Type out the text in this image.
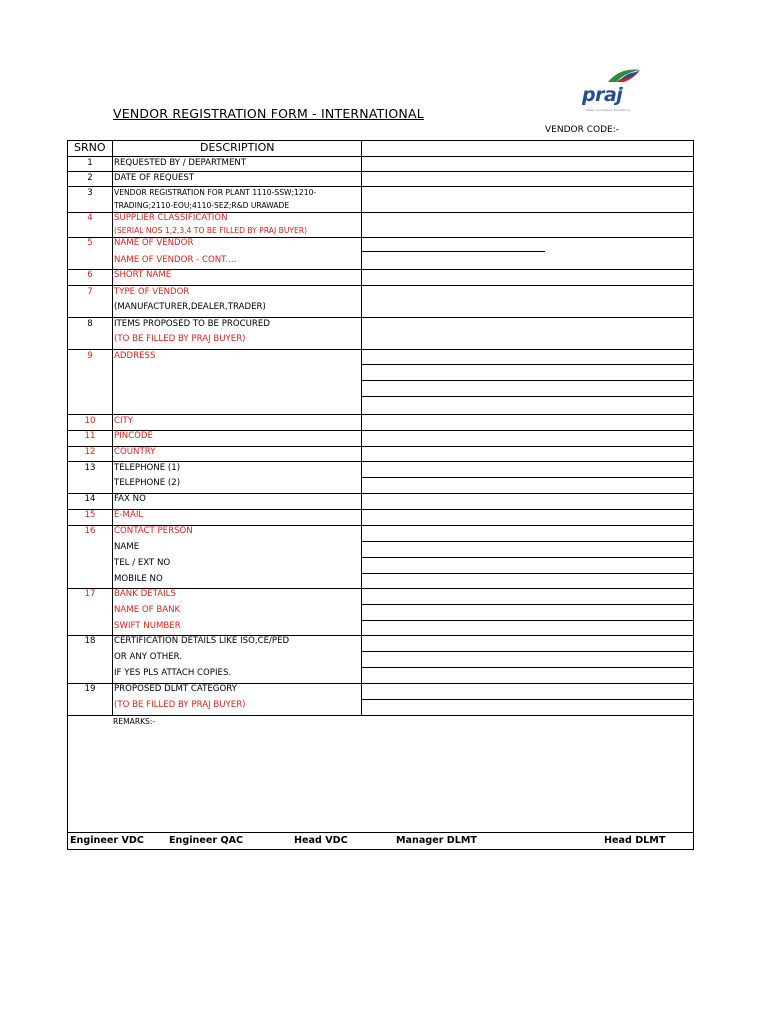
VENDOR REGISTRATION FORM - INTERNATIONAL
VENDOR CODE:-
praj
Ideas, Innovation, Excellence
SRNO	DESCRIPTION
1	REQUESTED BY / DEPARTMENT
2	DATE OF REQUEST
3	VENDOR REGISTRATION FOR PLANT 1110-SSW;1210-
TRADING;2110-EOU;4110-SEZ;R&D URAWADE
4	SUPPLIER CLASSIFICATION
(SERIAL NOS 1,2,3,4 TO BE FILLED BY PRAJ BUYER)
5	NAME OF VENDOR
NAME OF VENDOR - CONT....
6	SHORT NAME
7	TYPE OF VENDOR
(MANUFACTURER,DEALER,TRADER)
8	ITEMS PROPOSED TO BE PROCURED
(TO BE FILLED BY PRAJ BUYER)
9	ADDRESS
10	CITY
11	PINCODE
12	COUNTRY
13	TELEPHONE (1)
TELEPHONE (2)
14	FAX NO
15	E-MAIL
16	CONTACT PERSON
NAME
TEL / EXT NO
MOBILE NO
17	BANK DETAILS
NAME OF BANK
SWIFT NUMBER
18	CERTIFICATION DETAILS LIKE ISO,CE/PED
OR ANY OTHER.
IF YES PLS ATTACH COPIES.
19	PROPOSED DLMT CATEGORY
(TO BE FILLED BY PRAJ BUYER)
REMARKS:-
Engineer VDC	Engineer QAC	Head VDC	Manager DLMT	Head DLMT
